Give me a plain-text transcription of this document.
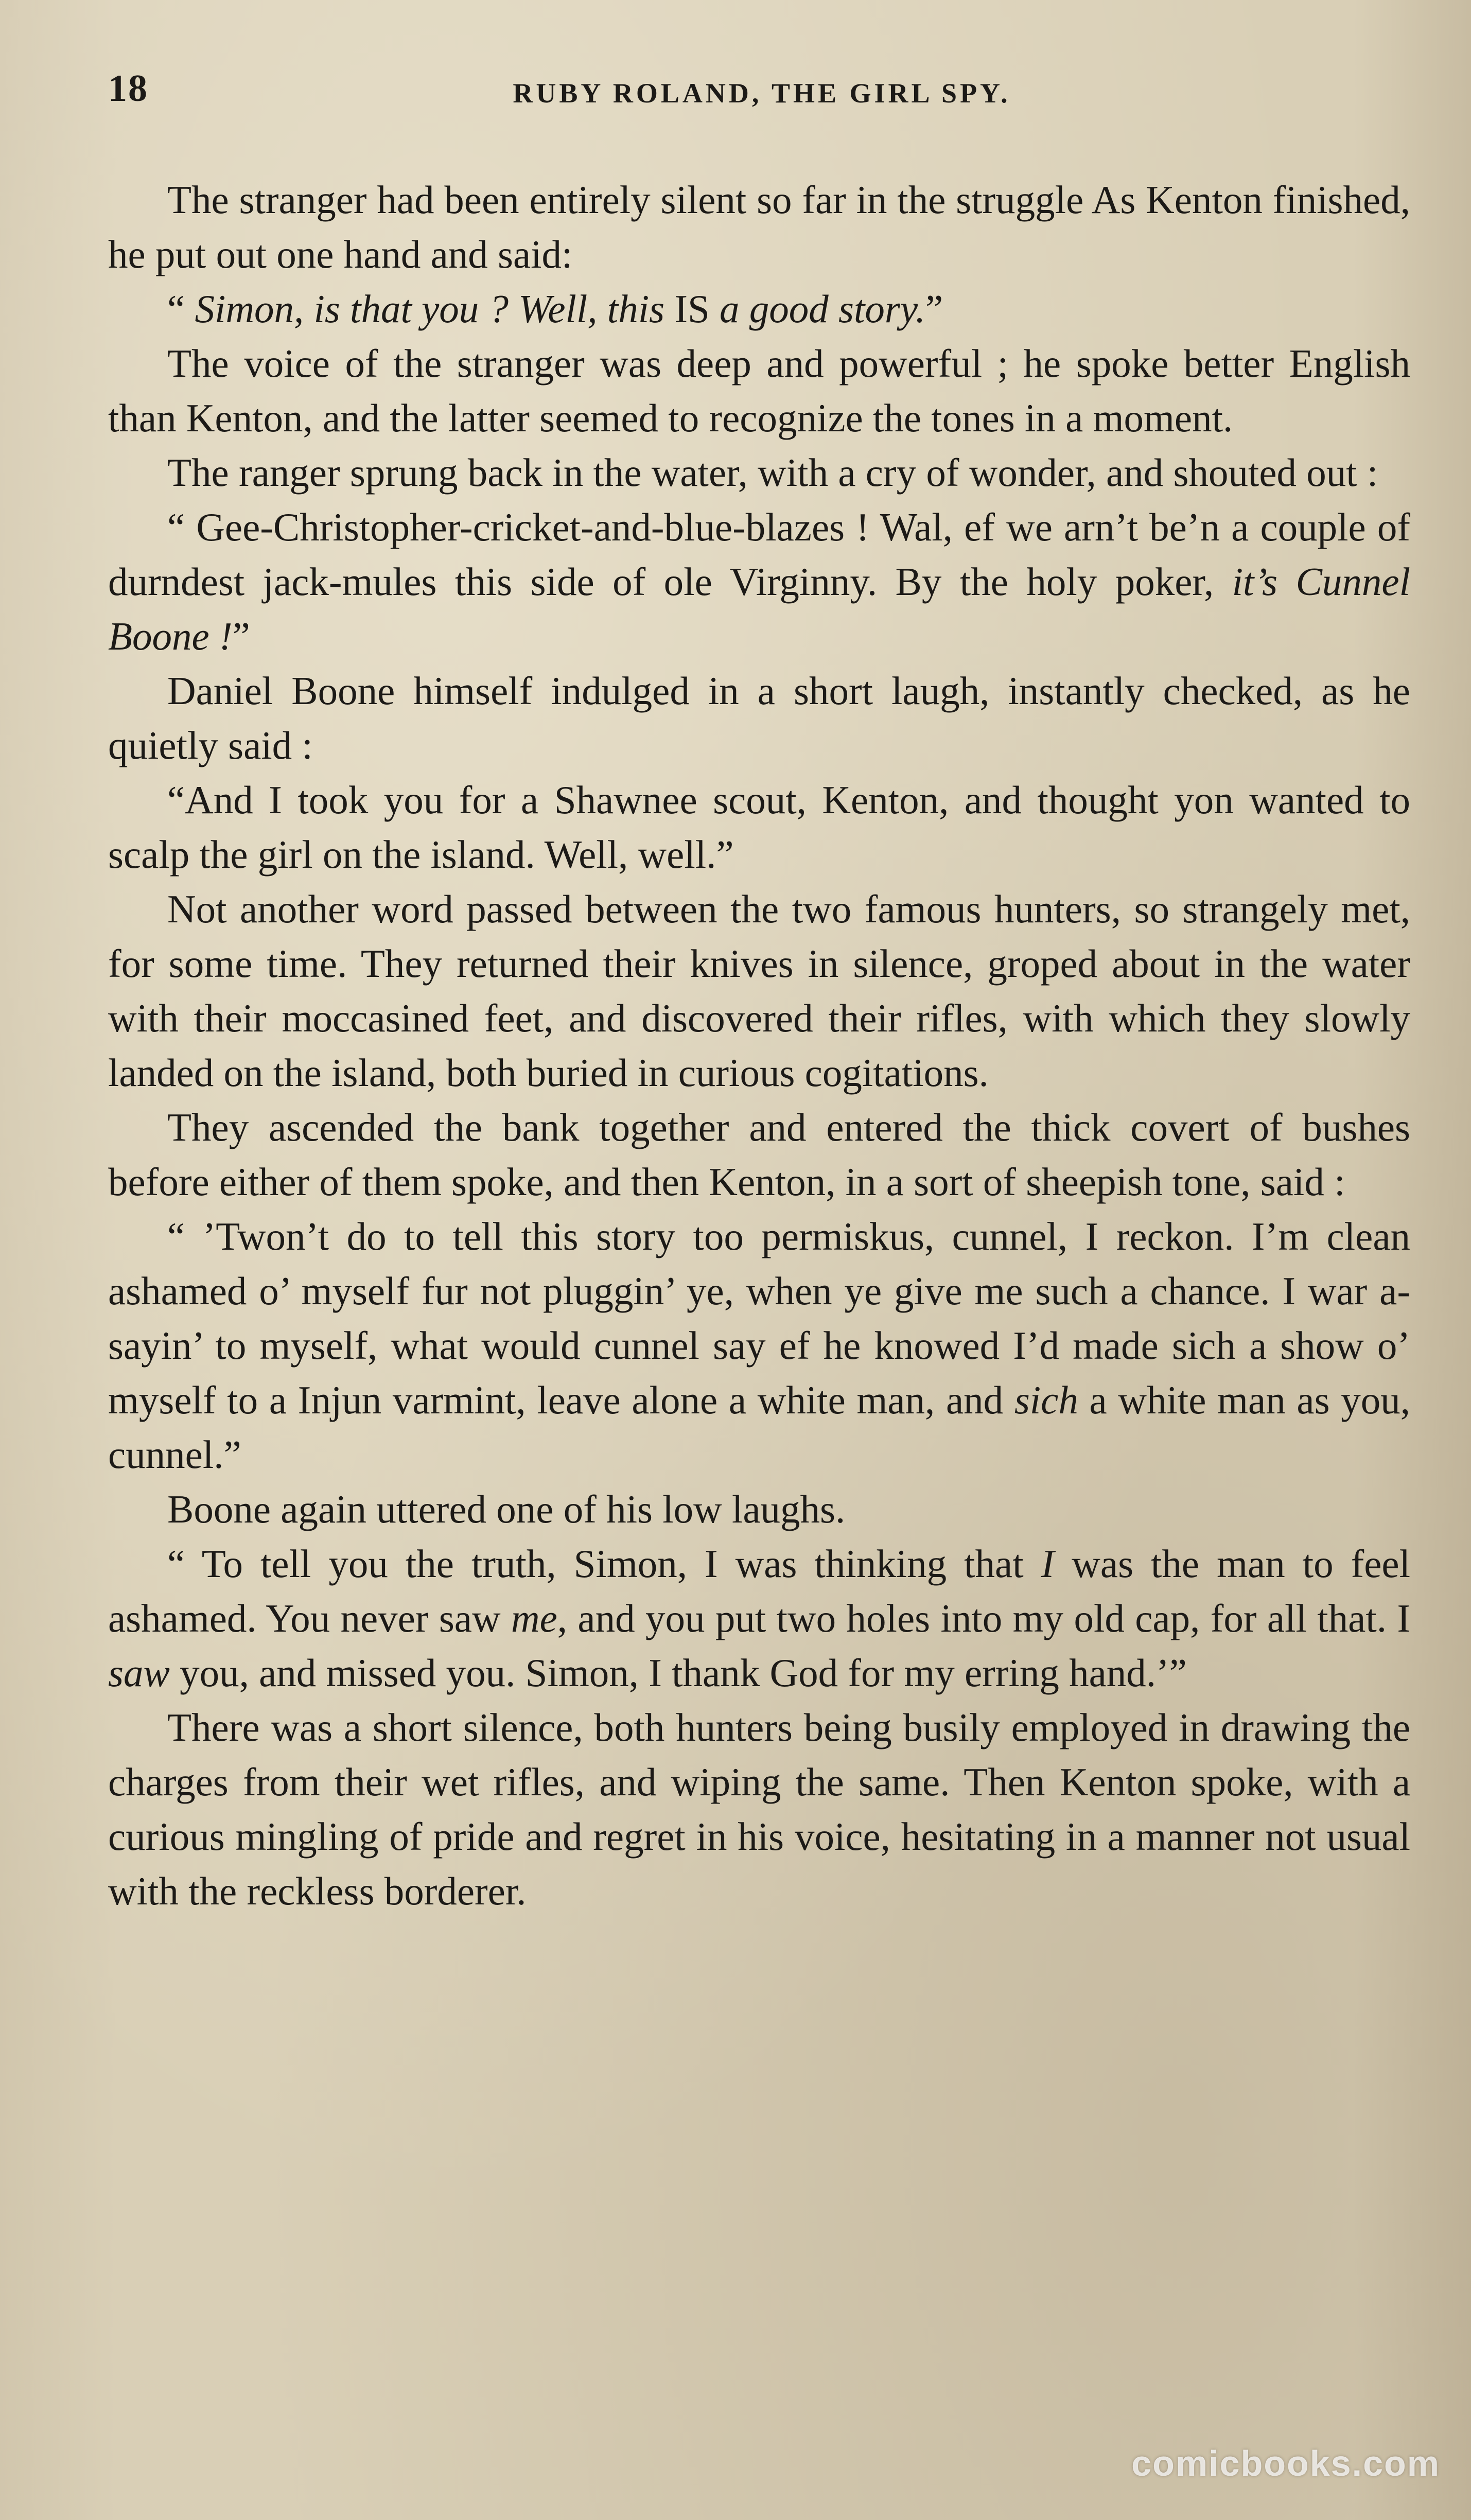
18	RUBY ROLAND, THE GIRL SPY.

The stranger had been entirely silent so far in the struggle As Kenton finished, he put out one hand and said:

“ Simon, is that you ? Well, this IS a good story.”

The voice of the stranger was deep and powerful ; he spoke better English than Kenton, and the latter seemed to recognize the tones in a moment.

The ranger sprung back in the water, with a cry of wonder, and shouted out :

“ Gee-Christopher-cricket-and-blue-blazes ! Wal, ef we arn’t be’n a couple of durndest jack-mules this side of ole Virginny. By the holy poker, it’s Cunnel Boone !”

Daniel Boone himself indulged in a short laugh, instantly checked, as he quietly said :

“And I took you for a Shawnee scout, Kenton, and thought yon wanted to scalp the girl on the island. Well, well.”

Not another word passed between the two famous hunters, so strangely met, for some time. They returned their knives in silence, groped about in the water with their moccasined feet, and discovered their rifles, with which they slowly landed on the island, both buried in curious cogitations.

They ascended the bank together and entered the thick covert of bushes before either of them spoke, and then Kenton, in a sort of sheepish tone, said :

“ ’Twon’t do to tell this story too permiskus, cunnel, I reckon. I’m clean ashamed o’ myself fur not pluggin’ ye, when ye give me such a chance. I war a-sayin’ to myself, what would cunnel say ef he knowed I’d made sich a show o’ myself to a Injun varmint, leave alone a white man, and sich a white man as you, cunnel.”

Boone again uttered one of his low laughs.

“ To tell you the truth, Simon, I was thinking that I was the man to feel ashamed. You never saw me, and you put two holes into my old cap, for all that. I saw you, and missed you. Simon, I thank God for my erring hand.’”

There was a short silence, both hunters being busily employed in drawing the charges from their wet rifles, and wiping the same. Then Kenton spoke, with a curious mingling of pride and regret in his voice, hesitating in a manner not usual with the reckless borderer.

comicbooks.com
